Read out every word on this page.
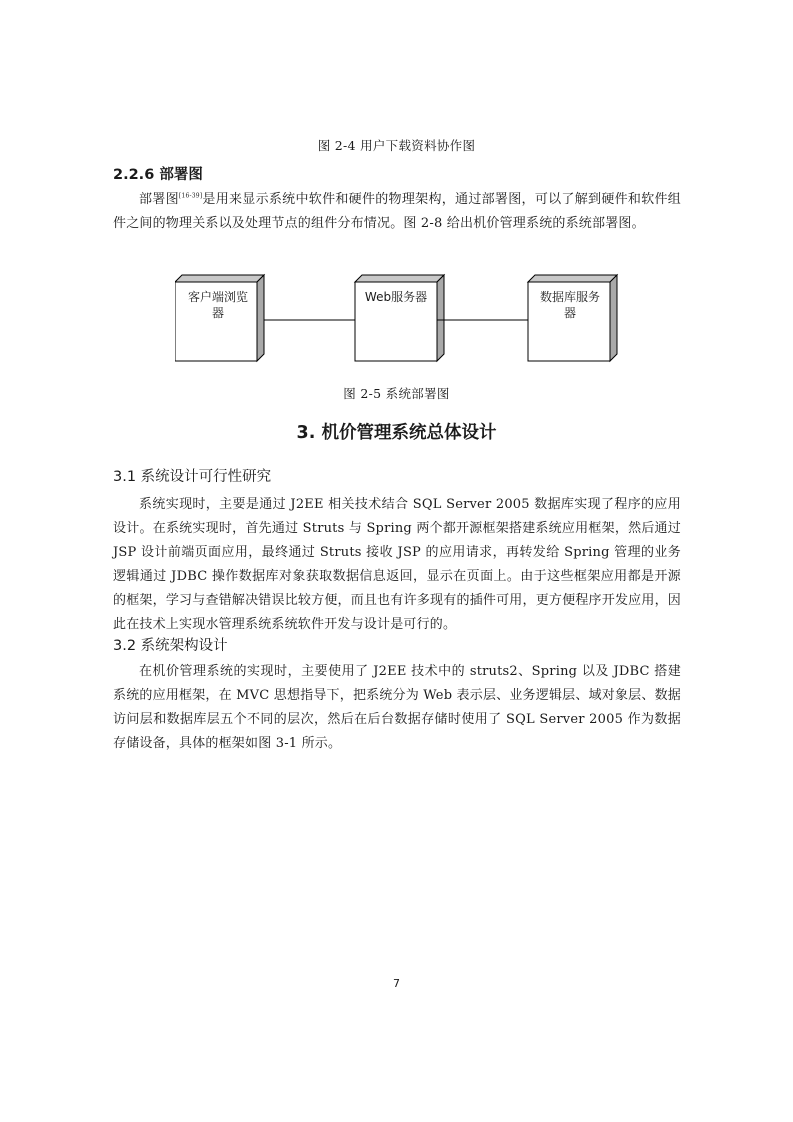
图 2-4 用户下载资料协作图
2.2.6 部署图

部署图[16-39]是用来显示系统中软件和硬件的物理架构，通过部署图，可以了解到硬件和软件组件之间的物理关系以及处理节点的组件分布情况。图 2-8 给出机价管理系统的系统部署图。

客户端浏览
器
Web服务器	数据库服务
器
图 2-5 系统部署图
3. 机价管理系统总体设计
3.1 系统设计可行性研究

系统实现时，主要是通过 J2EE 相关技术结合 SQL Server 2005 数据库实现了程序的应用设计。在系统实现时，首先通过 Struts 与 Spring 两个都开源框架搭建系统应用框架，然后通过 JSP 设计前端页面应用，最终通过 Struts 接收 JSP 的应用请求，再转发给 Spring 管理的业务逻辑通过 JDBC 操作数据库对象获取数据信息返回，显示在页面上。由于这些框架应用都是开源的框架，学习与查错解决错误比较方便，而且也有许多现有的插件可用，更方便程序开发应用，因此在技术上实现水管理系统系统软件开发与设计是可行的。

3.2 系统架构设计

在机价管理系统的实现时，主要使用了 J2EE 技术中的 struts2、Spring 以及 JDBC 搭建系统的应用框架，在 MVC 思想指导下，把系统分为 Web 表示层、业务逻辑层、域对象层、数据访问层和数据库层五个不同的层次，然后在后台数据存储时使用了 SQL Server 2005 作为数据存储设备，具体的框架如图 3-1 所示。

7
